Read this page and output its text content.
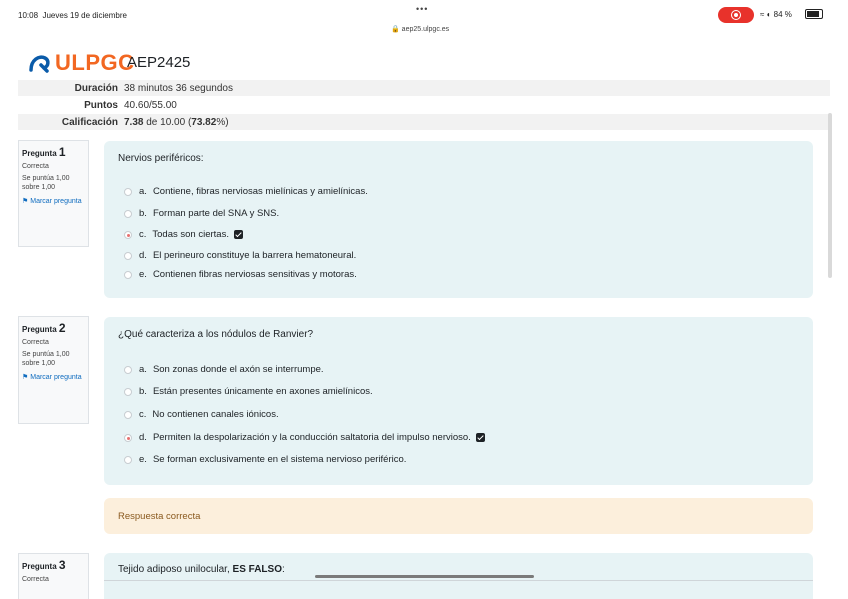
10:08 Jueves 19 de diciembre
•••
🔒 aep25.ulpgc.es
≈ ◐ 84 %
ULPGC
AEP2425
Duración 38 minutos 36 segundos
Puntos 40.60/55.00
Calificación 7.38 de 10.00 (73.82%)
Pregunta 1
Correcta
Se puntúa 1,00 sobre 1,00
⚑ Marcar pregunta
Nervios periféricos:
a. Contiene, fibras nerviosas mielínicas y amielínicas.
b. Forman parte del SNA y SNS.
c. Todas son ciertas.
d. El perineuro constituye la barrera hematoneural.
e. Contienen fibras nerviosas sensitivas y motoras.
Pregunta 2
Correcta
Se puntúa 1,00 sobre 1,00
⚑ Marcar pregunta
¿Qué caracteriza a los nódulos de Ranvier?
a. Son zonas donde el axón se interrumpe.
b. Están presentes únicamente en axones amielínicos.
c. No contienen canales iónicos.
d. Permiten la despolarización y la conducción saltatoria del impulso nervioso.
e. Se forman exclusivamente en el sistema nervioso periférico.
Respuesta correcta
Pregunta 3
Correcta
Tejido adiposo unilocular, ES FALSO:
